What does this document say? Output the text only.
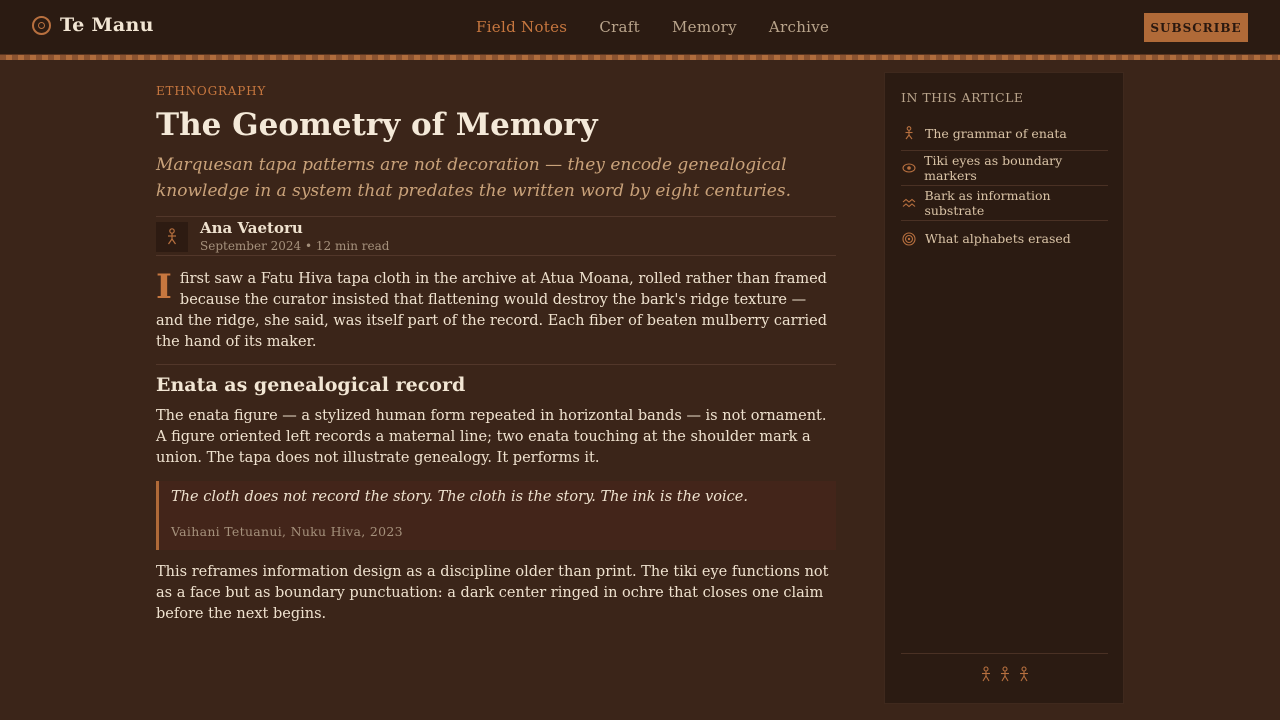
Te Manu	Field Notes Craft Memory Archive	SUBSCRIBE
ETHNOGRAPHY
The Geometry of Memory
Marquesan tapa patterns are not decoration — they encode genealogical knowledge in a system that predates the written word by eight centuries.
Ana Vaetoru
September 2024 • 12 min read
I first saw a Fatu Hiva tapa cloth in the archive at Atua Moana, rolled rather than framed because the curator insisted that flattening would destroy the bark's ridge texture — and the ridge, she said, was itself part of the record. Each fiber of beaten mulberry carried the hand of its maker.
Enata as genealogical record
The enata figure — a stylized human form repeated in horizontal bands — is not ornament. A figure oriented left records a maternal line; two enata touching at the shoulder mark a union. The tapa does not illustrate genealogy. It performs it.
The cloth does not record the story. The cloth is the story. The ink is the voice.
Vaihani Tetuanui, Nuku Hiva, 2023
This reframes information design as a discipline older than print. The tiki eye functions not as a face but as boundary punctuation: a dark center ringed in ochre that closes one claim before the next begins.
IN THIS ARTICLE
The grammar of enata
Tiki eyes as boundary markers
Bark as information substrate
What alphabets erased
